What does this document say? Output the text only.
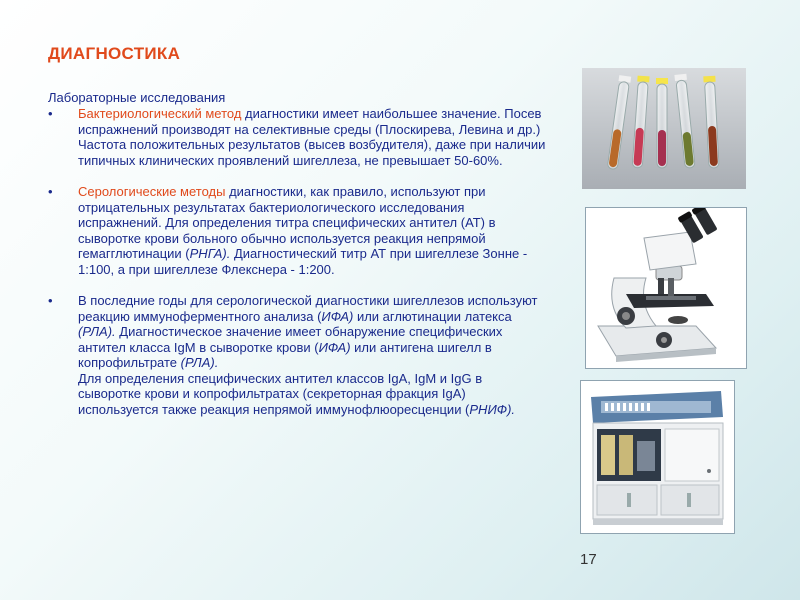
ДИАГНОСТИКА
Лабораторные исследования
• Бактериологический метод диагностики имеет наибольшее значение. Посев испражнений производят на селективные среды (Плоскирева, Левина и др.) Частота положительных результатов (высев возбудителя), даже при наличии типичных клинических проявлений шигеллеза, не превышает 50-60%.
• Серологические методы диагностики, как правило, используют при отрицательных результатах бактериологического исследования испражнений. Для определения титра специфических антител (АТ) в сыворотке крови больного обычно используется реакция непрямой гемагглютинации (РНГА). Диагностический титр АТ при шигеллезе Зонне - 1:100, а при шигеллезе Флекснера - 1:200.
• В последние годы для серологической диагностики шигеллезов используют реакцию иммуноферментного анализа (ИФА) или аглютинации латекса (РЛА). Диагностическое значение имеет обнаружение специфических антител класса IgM в сыворотке крови (ИФА) или антигена шигелл в копрофильтрате (РЛА).
Для определения специфических антител классов IgA, IgM и IgG в сыворотке крови и копрофильтратах (секреторная фракция IgA) используется также реакция непрямой иммунофлюоресценции (РНИФ).
17
